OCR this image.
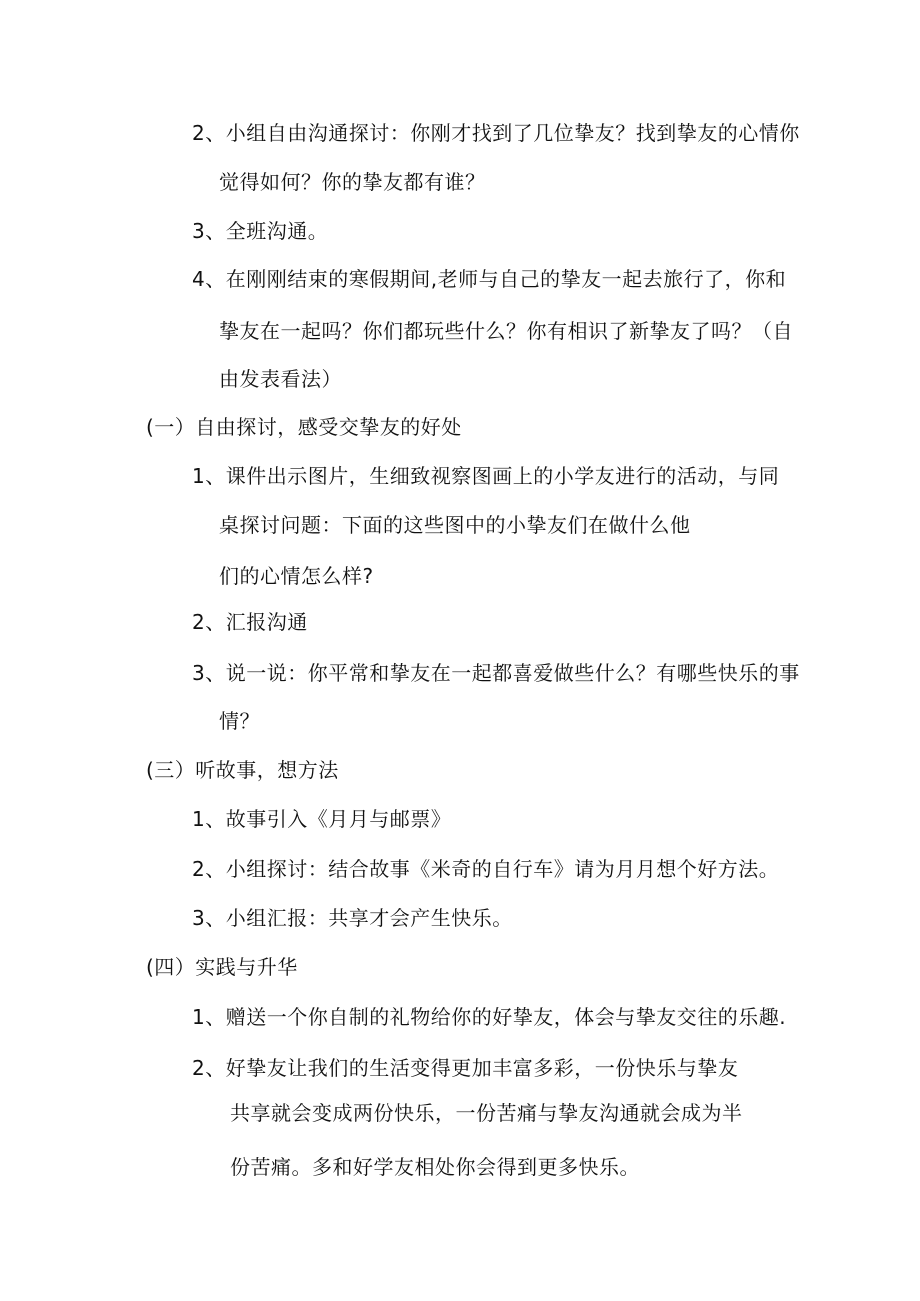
2、小组自由沟通探讨：你刚才找到了几位挚友？找到挚友的心情你
觉得如何？你的挚友都有谁？
3、全班沟通。
4、在刚刚结束的寒假期间,老师与自己的挚友一起去旅行了，你和
挚友在一起吗？你们都玩些什么？你有相识了新挚友了吗？（自
由发表看法）
(一）自由探讨，感受交挚友的好处
1、课件出示图片，生细致视察图画上的小学友进行的活动，与同
桌探讨问题：下面的这些图中的小挚友们在做什么他
们的心情怎么样?
2、汇报沟通
3、说一说：你平常和挚友在一起都喜爱做些什么？有哪些快乐的事
情？
(三）听故事，想方法
1、故事引入《月月与邮票》
2、小组探讨：结合故事《米奇的自行车》请为月月想个好方法。
3、小组汇报：共享才会产生快乐。
(四）实践与升华
1、赠送一个你自制的礼物给你的好挚友，体会与挚友交往的乐趣.
2、好挚友让我们的生活变得更加丰富多彩，一份快乐与挚友
共享就会变成两份快乐，一份苦痛与挚友沟通就会成为半
份苦痛。多和好学友相处你会得到更多快乐。
